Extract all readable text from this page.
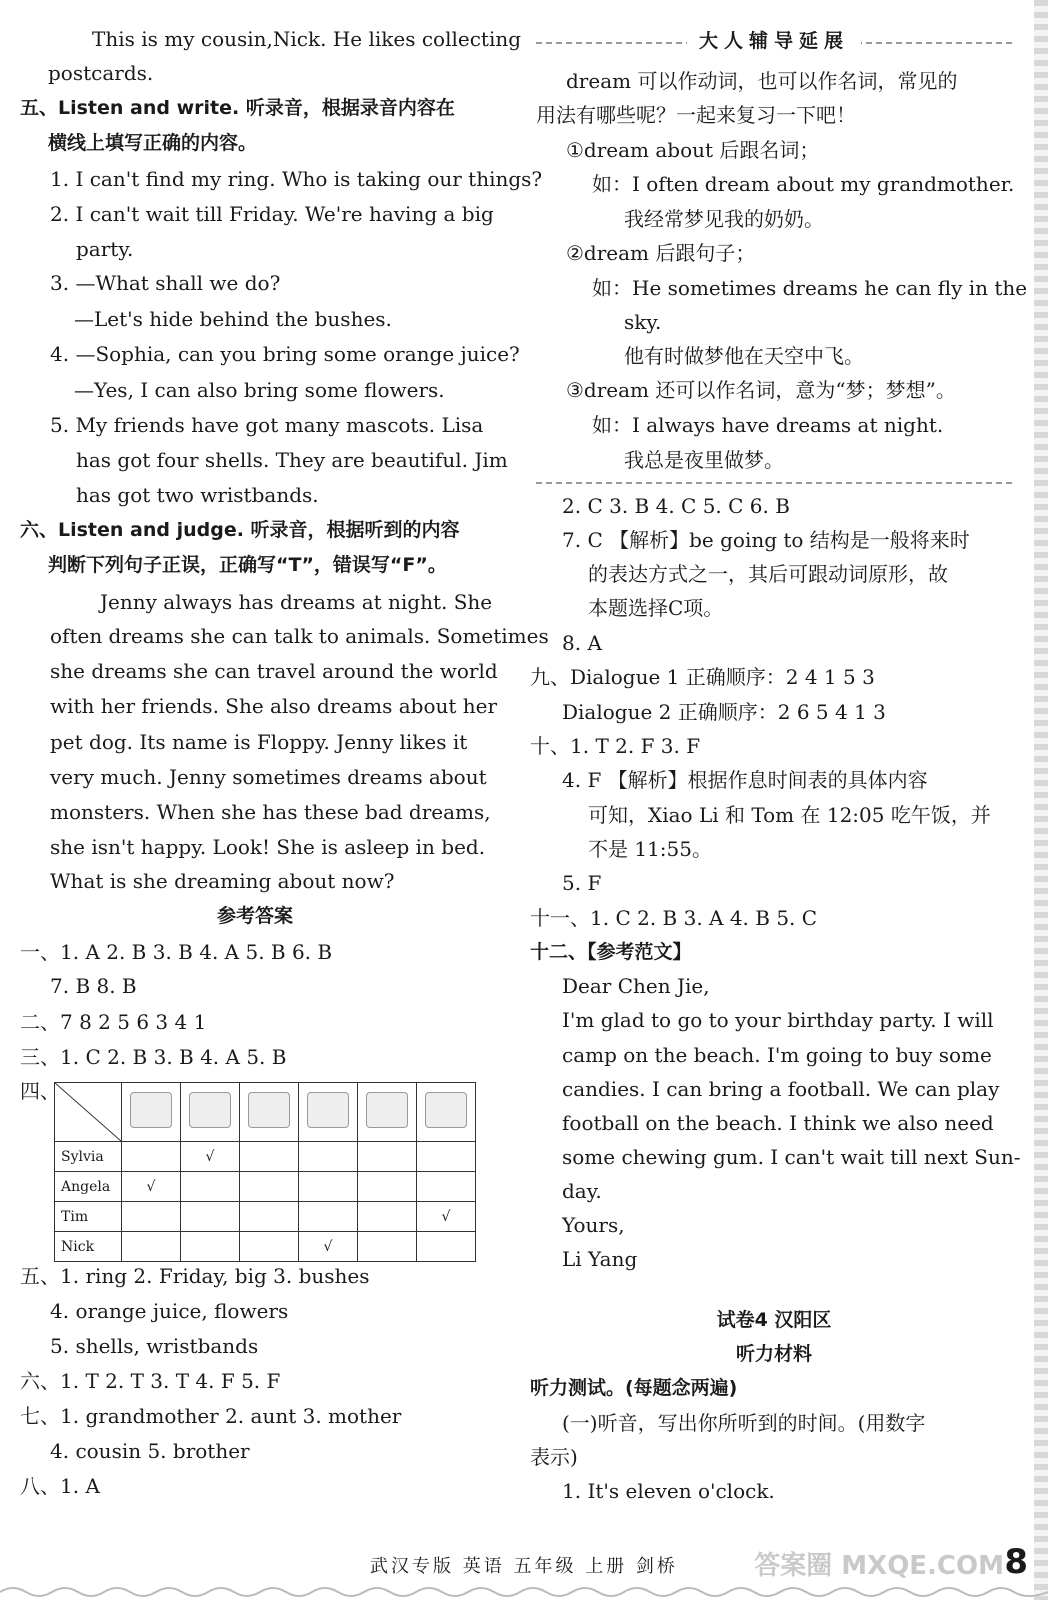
This is my cousin,Nick. He likes collecting
postcards.
五、Listen and write. 听录音，根据录音内容在
横线上填写正确的内容。
1. I can't find my ring. Who is taking our things?
2. I can't wait till Friday. We're having a big
party.
3. —What shall we do?
—Let's hide behind the bushes.
4. —Sophia, can you bring some orange juice?
—Yes, I can also bring some flowers.
5. My friends have got many mascots. Lisa
has got four shells. They are beautiful. Jim
has got two wristbands.
六、Listen and judge. 听录音，根据听到的内容
判断下列句子正误，正确写“T”，错误写“F”。
Jenny always has dreams at night. She
often dreams she can talk to animals. Sometimes
she dreams she can travel around the world
with her friends. She also dreams about her
pet dog. Its name is Floppy. Jenny likes it
very much. Jenny sometimes dreams about
monsters. When she has these bad dreams,
she isn't happy. Look! She is asleep in bed.
What is she dreaming about now?
参考答案
一、1. A 2. B 3. B 4. A 5. B 6. B
7. B 8. B
二、7 8 2 5 6 3 4 1
三、1. C 2. B 3. B 4. A 5. B
四、

Sylvia		√				
Angela	√					
Tim						√
Nick				√		
五、1. ring 2. Friday, big 3. bushes
4. orange juice, flowers
5. shells, wristbands
六、1. T 2. T 3. T 4. F 5. F
七、1. grandmother 2. aunt 3. mother
4. cousin 5. brother
八、1. A
大人辅导延展
dream 可以作动词，也可以作名词，常见的
用法有哪些呢？一起来复习一下吧！
①dream about 后跟名词；
如：I often dream about my grandmother.
我经常梦见我的奶奶。
②dream 后跟句子；
如：He sometimes dreams he can fly in the
sky.
他有时做梦他在天空中飞。
③dream 还可以作名词，意为“梦；梦想”。
如：I always have dreams at night.
我总是夜里做梦。
2. C 3. B 4. C 5. C 6. B
7. C 【解析】be going to 结构是一般将来时
的表达方式之一，其后可跟动词原形，故
本题选择C项。
8. A
九、Dialogue 1 正确顺序：2 4 1 5 3
Dialogue 2 正确顺序：2 6 5 4 1 3
十、1. T 2. F 3. F
4. F 【解析】根据作息时间表的具体内容
可知，Xiao Li 和 Tom 在 12:05 吃午饭，并
不是 11:55。
5. F
十一、1. C 2. B 3. A 4. B 5. C
十二、【参考范文】
Dear Chen Jie,
I'm glad to go to your birthday party. I will
camp on the beach. I'm going to buy some
candies. I can bring a football. We can play
football on the beach. I think we also need
some chewing gum. I can't wait till next Sun-
day.
Yours,
Li Yang
试卷4 汉阳区
听力材料
听力测试。(每题念两遍)
(一)听音，写出你所听到的时间。(用数字
表示)
1. It's eleven o'clock.
答案圈 MXQE.COM
武汉专版 英语 五年级 上册 剑桥	8
